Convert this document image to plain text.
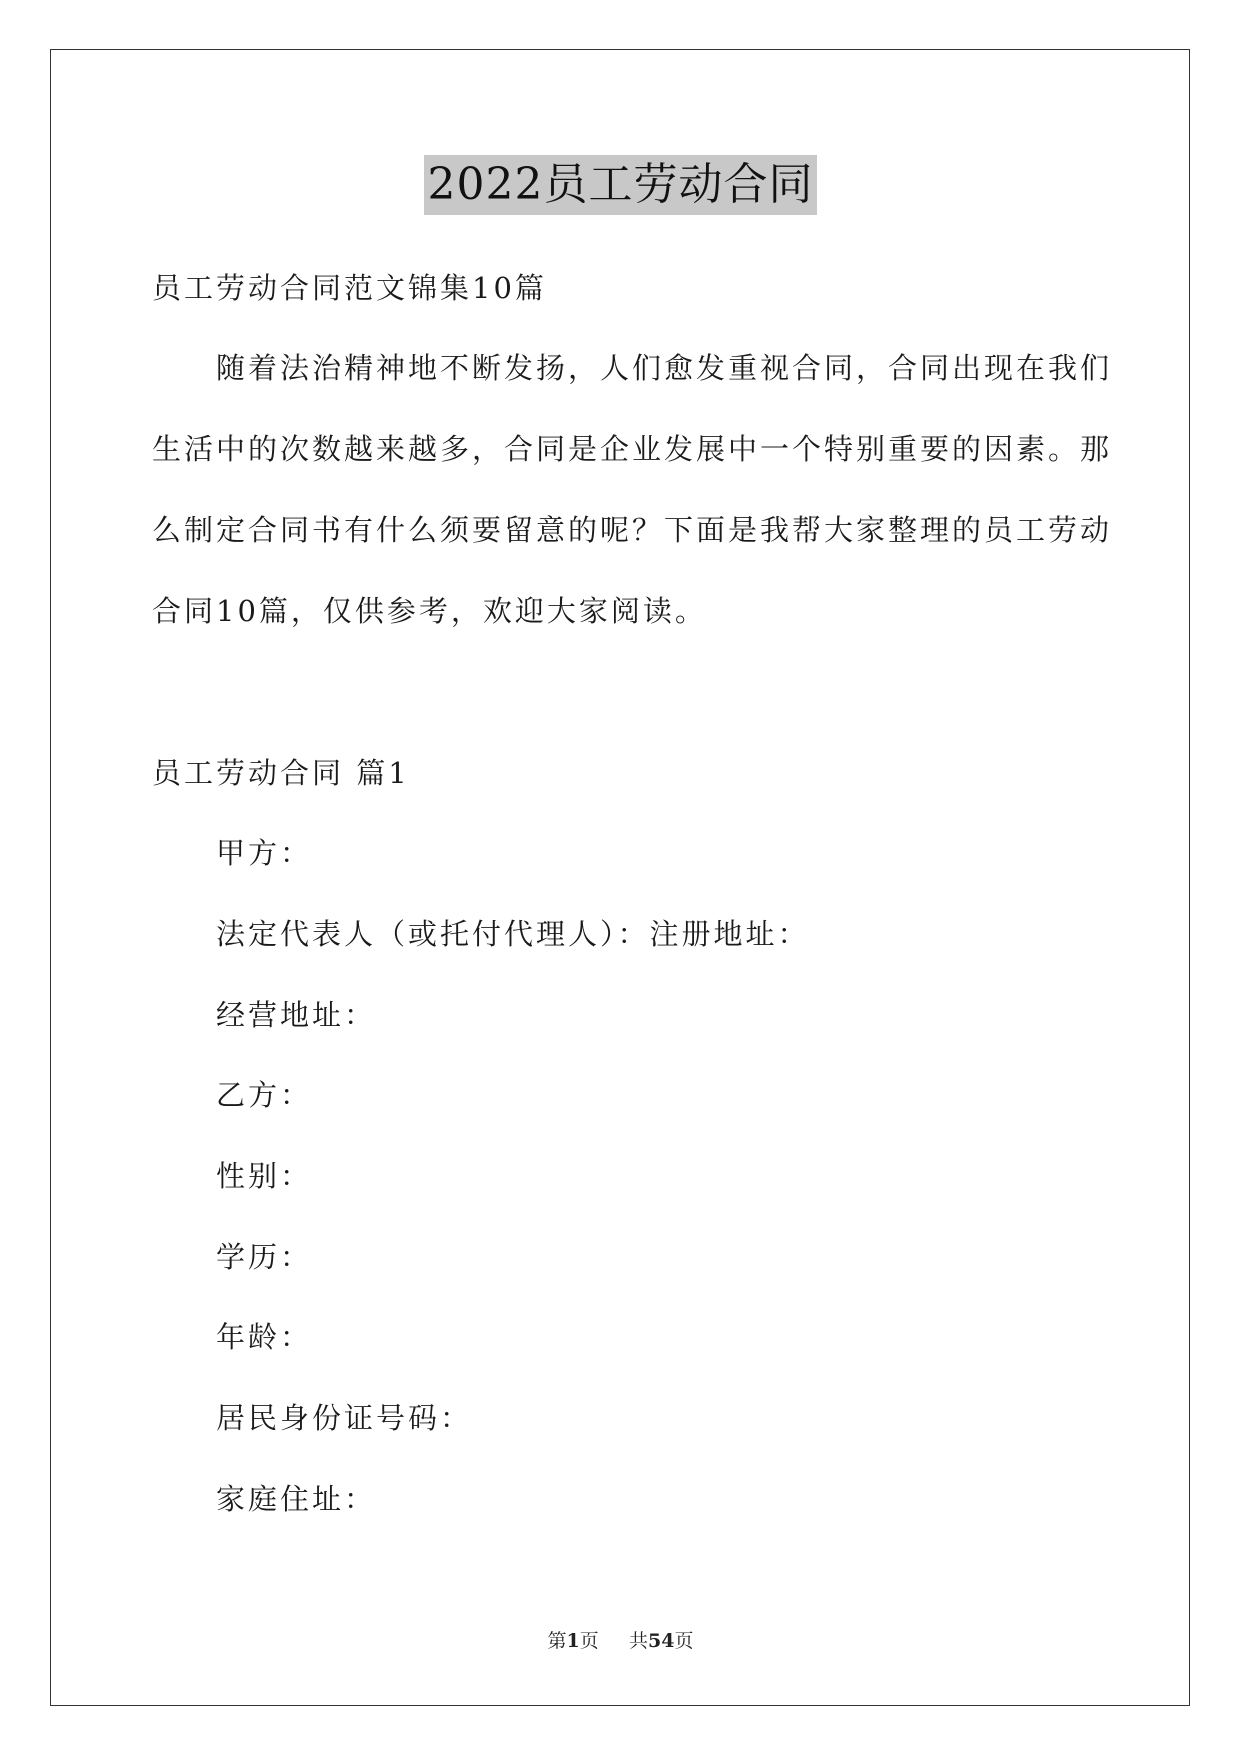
2022员工劳动合同
员工劳动合同范文锦集10篇
随着法治精神地不断发扬，人们愈发重视合同，合同出现在我们
生活中的次数越来越多，合同是企业发展中一个特别重要的因素。那
么制定合同书有什么须要留意的呢？下面是我帮大家整理的员工劳动
合同10篇，仅供参考，欢迎大家阅读。
员工劳动合同 篇1
甲方：
法定代表人（或托付代理人）：注册地址：
经营地址：
乙方：
性别：
学历：
年龄：
居民身份证号码：
家庭住址：
第1页 共54页
